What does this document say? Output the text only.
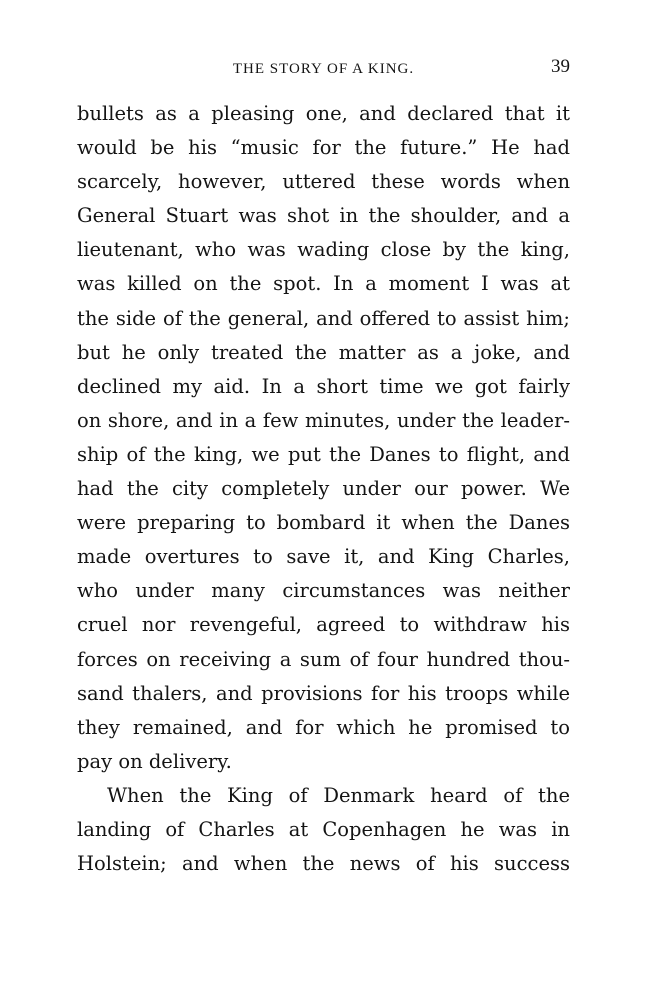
THE STORY OF A KING.	39
bullets as a pleasing one, and declared that it
would be his “music for the future.” He had
scarcely, however, uttered these words when
General Stuart was shot in the shoulder, and a
lieutenant, who was wading close by the king,
was killed on the spot. In a moment I was at
the side of the general, and offered to assist him;
but he only treated the matter as a joke, and
declined my aid. In a short time we got fairly
on shore, and in a few minutes, under the leader-
ship of the king, we put the Danes to flight, and
had the city completely under our power. We
were preparing to bombard it when the Danes
made overtures to save it, and King Charles,
who under many circumstances was neither
cruel nor revengeful, agreed to withdraw his
forces on receiving a sum of four hundred thou-
sand thalers, and provisions for his troops while
they remained, and for which he promised to
pay on delivery.
When the King of Denmark heard of the
landing of Charles at Copenhagen he was in
Holstein; and when the news of his success
